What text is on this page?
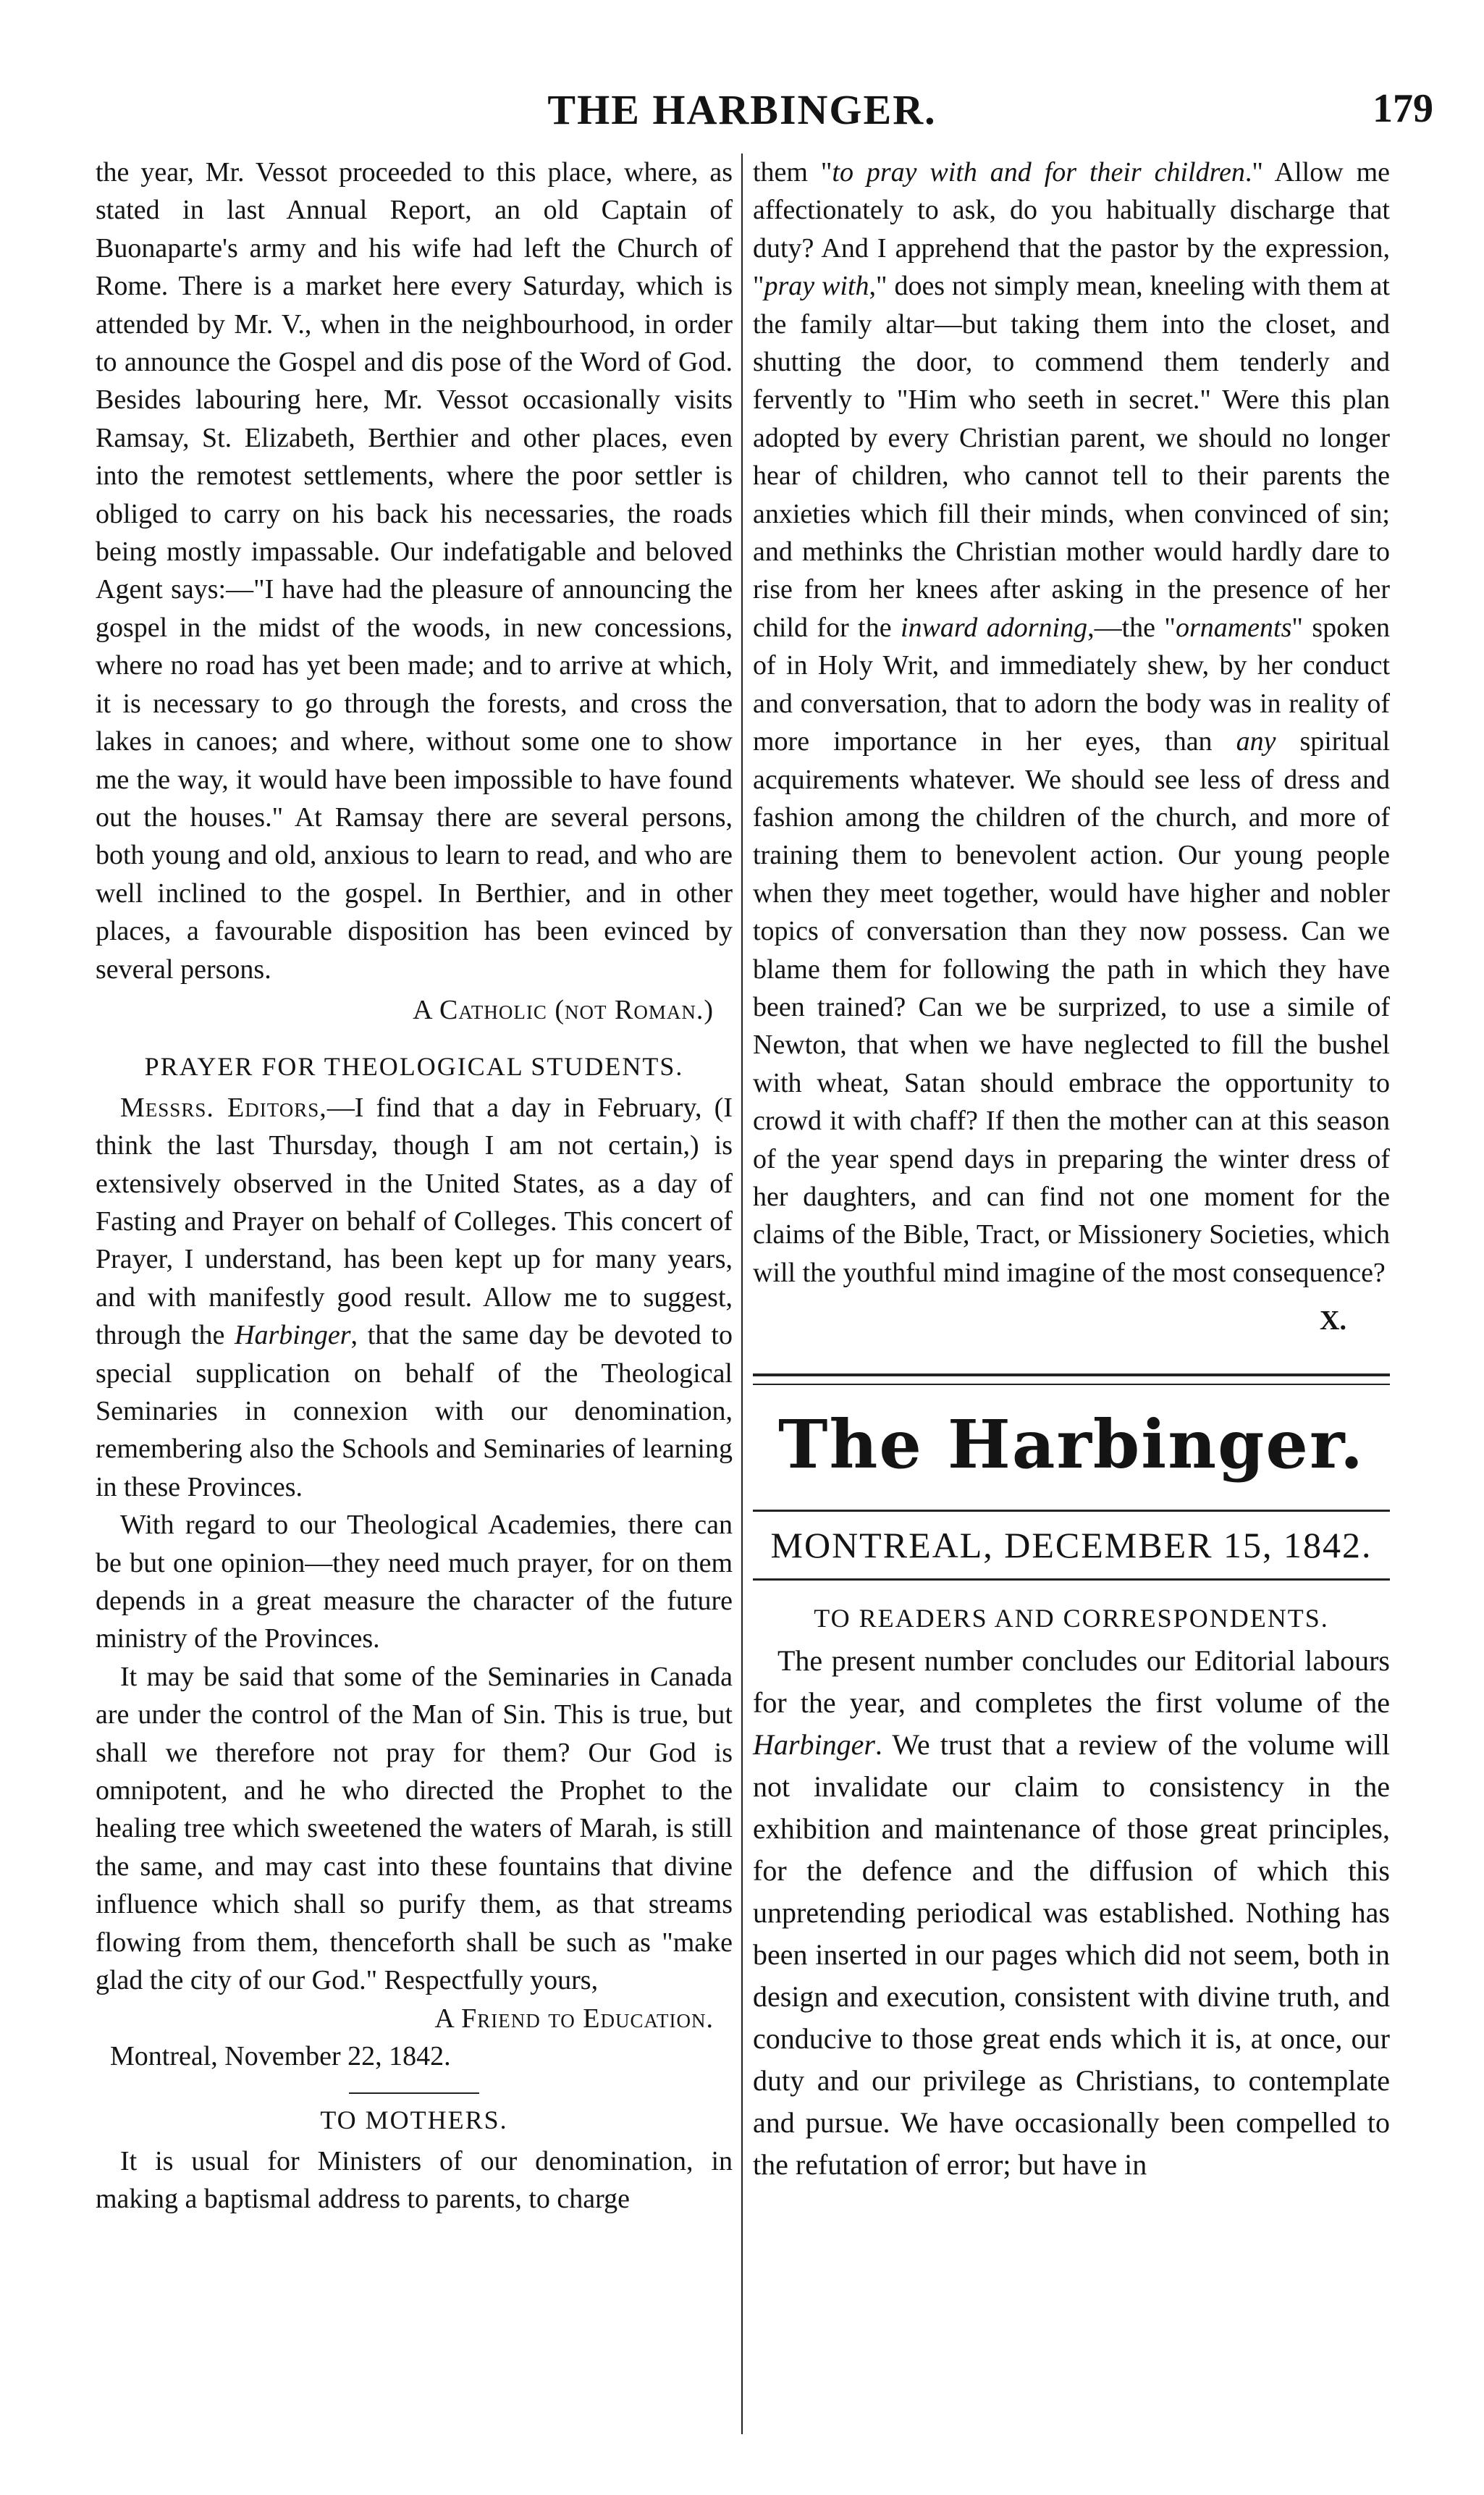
THE HARBINGER.	179

the year, Mr. Vessot proceeded to this place, where, as stated in last Annual Report, an old Captain of Buonaparte's army and his wife had left the Church of Rome. There is a market here every Saturday, which is attended by Mr. V., when in the neighbourhood, in order to announce the Gospel and dis pose of the Word of God. Besides labouring here, Mr. Vessot occasionally visits Ramsay, St. Elizabeth, Berthier and other places, even into the remotest settlements, where the poor settler is obliged to carry on his back his necessaries, the roads being mostly impassable. Our indefatigable and beloved Agent says:—"I have had the pleasure of announcing the gospel in the midst of the woods, in new concessions, where no road has yet been made; and to arrive at which, it is necessary to go through the forests, and cross the lakes in canoes; and where, without some one to show me the way, it would have been impossible to have found out the houses." At Ramsay there are several persons, both young and old, anxious to learn to read, and who are well inclined to the gospel. In Berthier, and in other places, a favourable disposition has been evinced by several persons.

A Catholic (not Roman.)

PRAYER FOR THEOLOGICAL STUDENTS.

Messrs. Editors,—I find that a day in February, (I think the last Thursday, though I am not certain,) is extensively observed in the United States, as a day of Fasting and Prayer on behalf of Colleges. This concert of Prayer, I understand, has been kept up for many years, and with manifestly good result. Allow me to suggest, through the Harbinger, that the same day be devoted to special supplication on behalf of the Theological Seminaries in connexion with our denomination, remembering also the Schools and Seminaries of learning in these Provinces.

With regard to our Theological Academies, there can be but one opinion—they need much prayer, for on them depends in a great measure the character of the future ministry of the Provinces.

It may be said that some of the Seminaries in Canada are under the control of the Man of Sin. This is true, but shall we therefore not pray for them? Our God is omnipotent, and he who directed the Prophet to the healing tree which sweetened the waters of Marah, is still the same, and may cast into these fountains that divine influence which shall so purify them, as that streams flowing from them, thenceforth shall be such as "make glad the city of our God." Respectfully yours,

A Friend to Education.

Montreal, November 22, 1842.

TO MOTHERS.

It is usual for Ministers of our denomination, in making a baptismal address to parents, to charge

them "to pray with and for their children." Allow me affectionately to ask, do you habitually discharge that duty? And I apprehend that the pastor by the expression, "pray with," does not simply mean, kneeling with them at the family altar—but taking them into the closet, and shutting the door, to commend them tenderly and fervently to "Him who seeth in secret." Were this plan adopted by every Christian parent, we should no longer hear of children, who cannot tell to their parents the anxieties which fill their minds, when convinced of sin; and methinks the Christian mother would hardly dare to rise from her knees after asking in the presence of her child for the inward adorning,—the "ornaments" spoken of in Holy Writ, and immediately shew, by her conduct and conversation, that to adorn the body was in reality of more importance in her eyes, than any spiritual acquirements whatever. We should see less of dress and fashion among the children of the church, and more of training them to benevolent action. Our young people when they meet together, would have higher and nobler topics of conversation than they now possess. Can we blame them for following the path in which they have been trained? Can we be surprized, to use a simile of Newton, that when we have neglected to fill the bushel with wheat, Satan should embrace the opportunity to crowd it with chaff? If then the mother can at this season of the year spend days in preparing the winter dress of her daughters, and can find not one moment for the claims of the Bible, Tract, or Missionery Societies, which will the youthful mind imagine of the most consequence?

X.

The Harbinger.
MONTREAL, DECEMBER 15, 1842.
TO READERS AND CORRESPONDENTS.

The present number concludes our Editorial labours for the year, and completes the first volume of the Harbinger. We trust that a review of the volume will not invalidate our claim to consistency in the exhibition and maintenance of those great principles, for the defence and the diffusion of which this unpretending periodical was established. Nothing has been inserted in our pages which did not seem, both in design and execution, consistent with divine truth, and conducive to those great ends which it is, at once, our duty and our privilege as Christians, to contemplate and pursue. We have occasionally been compelled to the refutation of error; but have in
